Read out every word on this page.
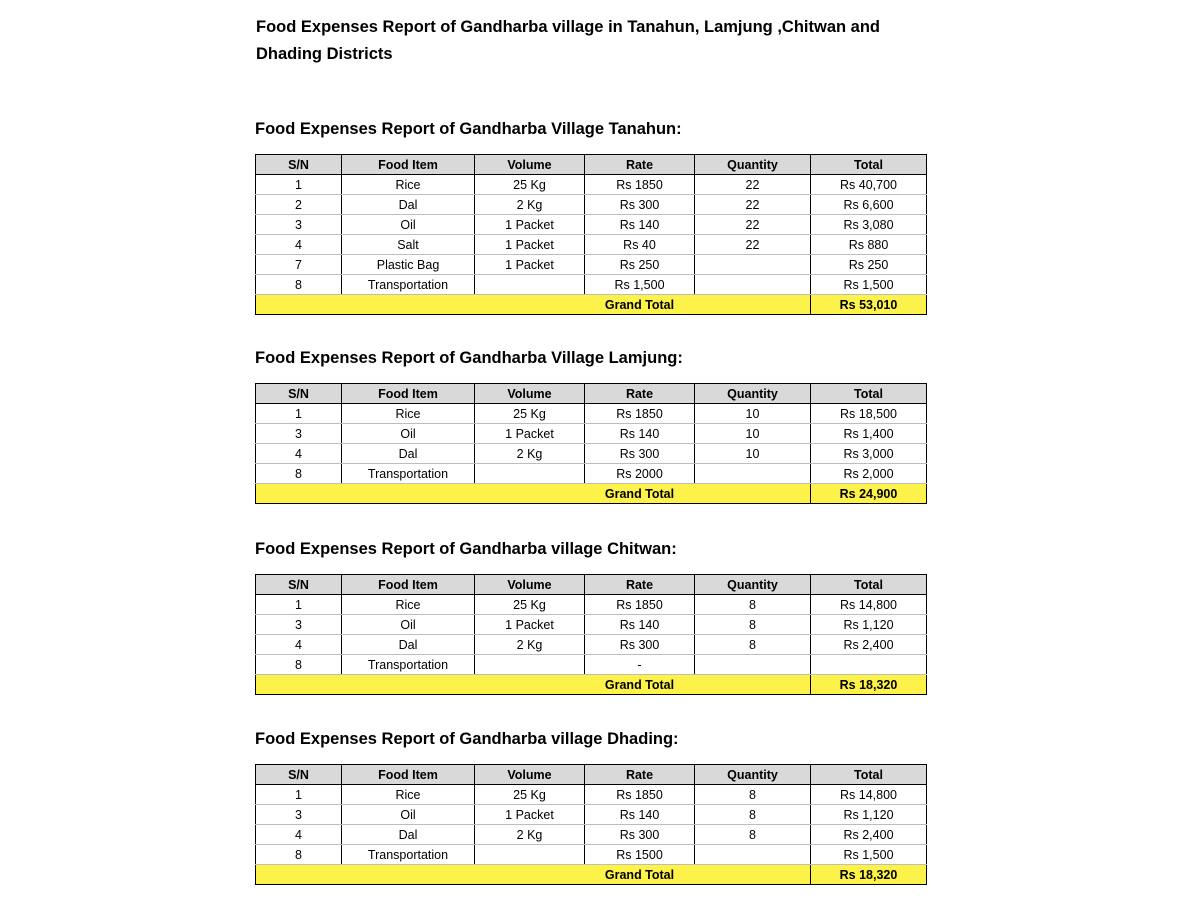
Food Expenses Report of Gandharba village in Tanahun, Lamjung ,Chitwan and Dhading Districts
Food Expenses Report of Gandharba Village Tanahun:
S/N	Food Item	Volume	Rate	Quantity	Total
1	Rice	25 Kg	Rs 1850	22	Rs 40,700
2	Dal	2 Kg	Rs 300	22	Rs 6,600
3	Oil	1 Packet	Rs 140	22	Rs 3,080
4	Salt	1 Packet	Rs 40	22	Rs 880
7	Plastic Bag	1 Packet	Rs 250		Rs 250
8	Transportation		Rs 1,500		Rs 1,500
			Grand Total		Rs 53,010
Food Expenses Report of Gandharba Village Lamjung:
S/N	Food Item	Volume	Rate	Quantity	Total
1	Rice	25 Kg	Rs 1850	10	Rs 18,500
3	Oil	1 Packet	Rs 140	10	Rs 1,400
4	Dal	2 Kg	Rs 300	10	Rs 3,000
8	Transportation		Rs 2000		Rs 2,000
			Grand Total		Rs 24,900
Food Expenses Report of Gandharba village Chitwan:
S/N	Food Item	Volume	Rate	Quantity	Total
1	Rice	25 Kg	Rs 1850	8	Rs 14,800
3	Oil	1 Packet	Rs 140	8	Rs 1,120
4	Dal	2 Kg	Rs 300	8	Rs 2,400
8	Transportation		-		
			Grand Total		Rs 18,320
Food Expenses Report of Gandharba village Dhading:
S/N	Food Item	Volume	Rate	Quantity	Total
1	Rice	25 Kg	Rs 1850	8	Rs 14,800
3	Oil	1 Packet	Rs 140	8	Rs 1,120
4	Dal	2 Kg	Rs 300	8	Rs 2,400
8	Transportation		Rs 1500		Rs 1,500
			Grand Total		Rs 18,320
